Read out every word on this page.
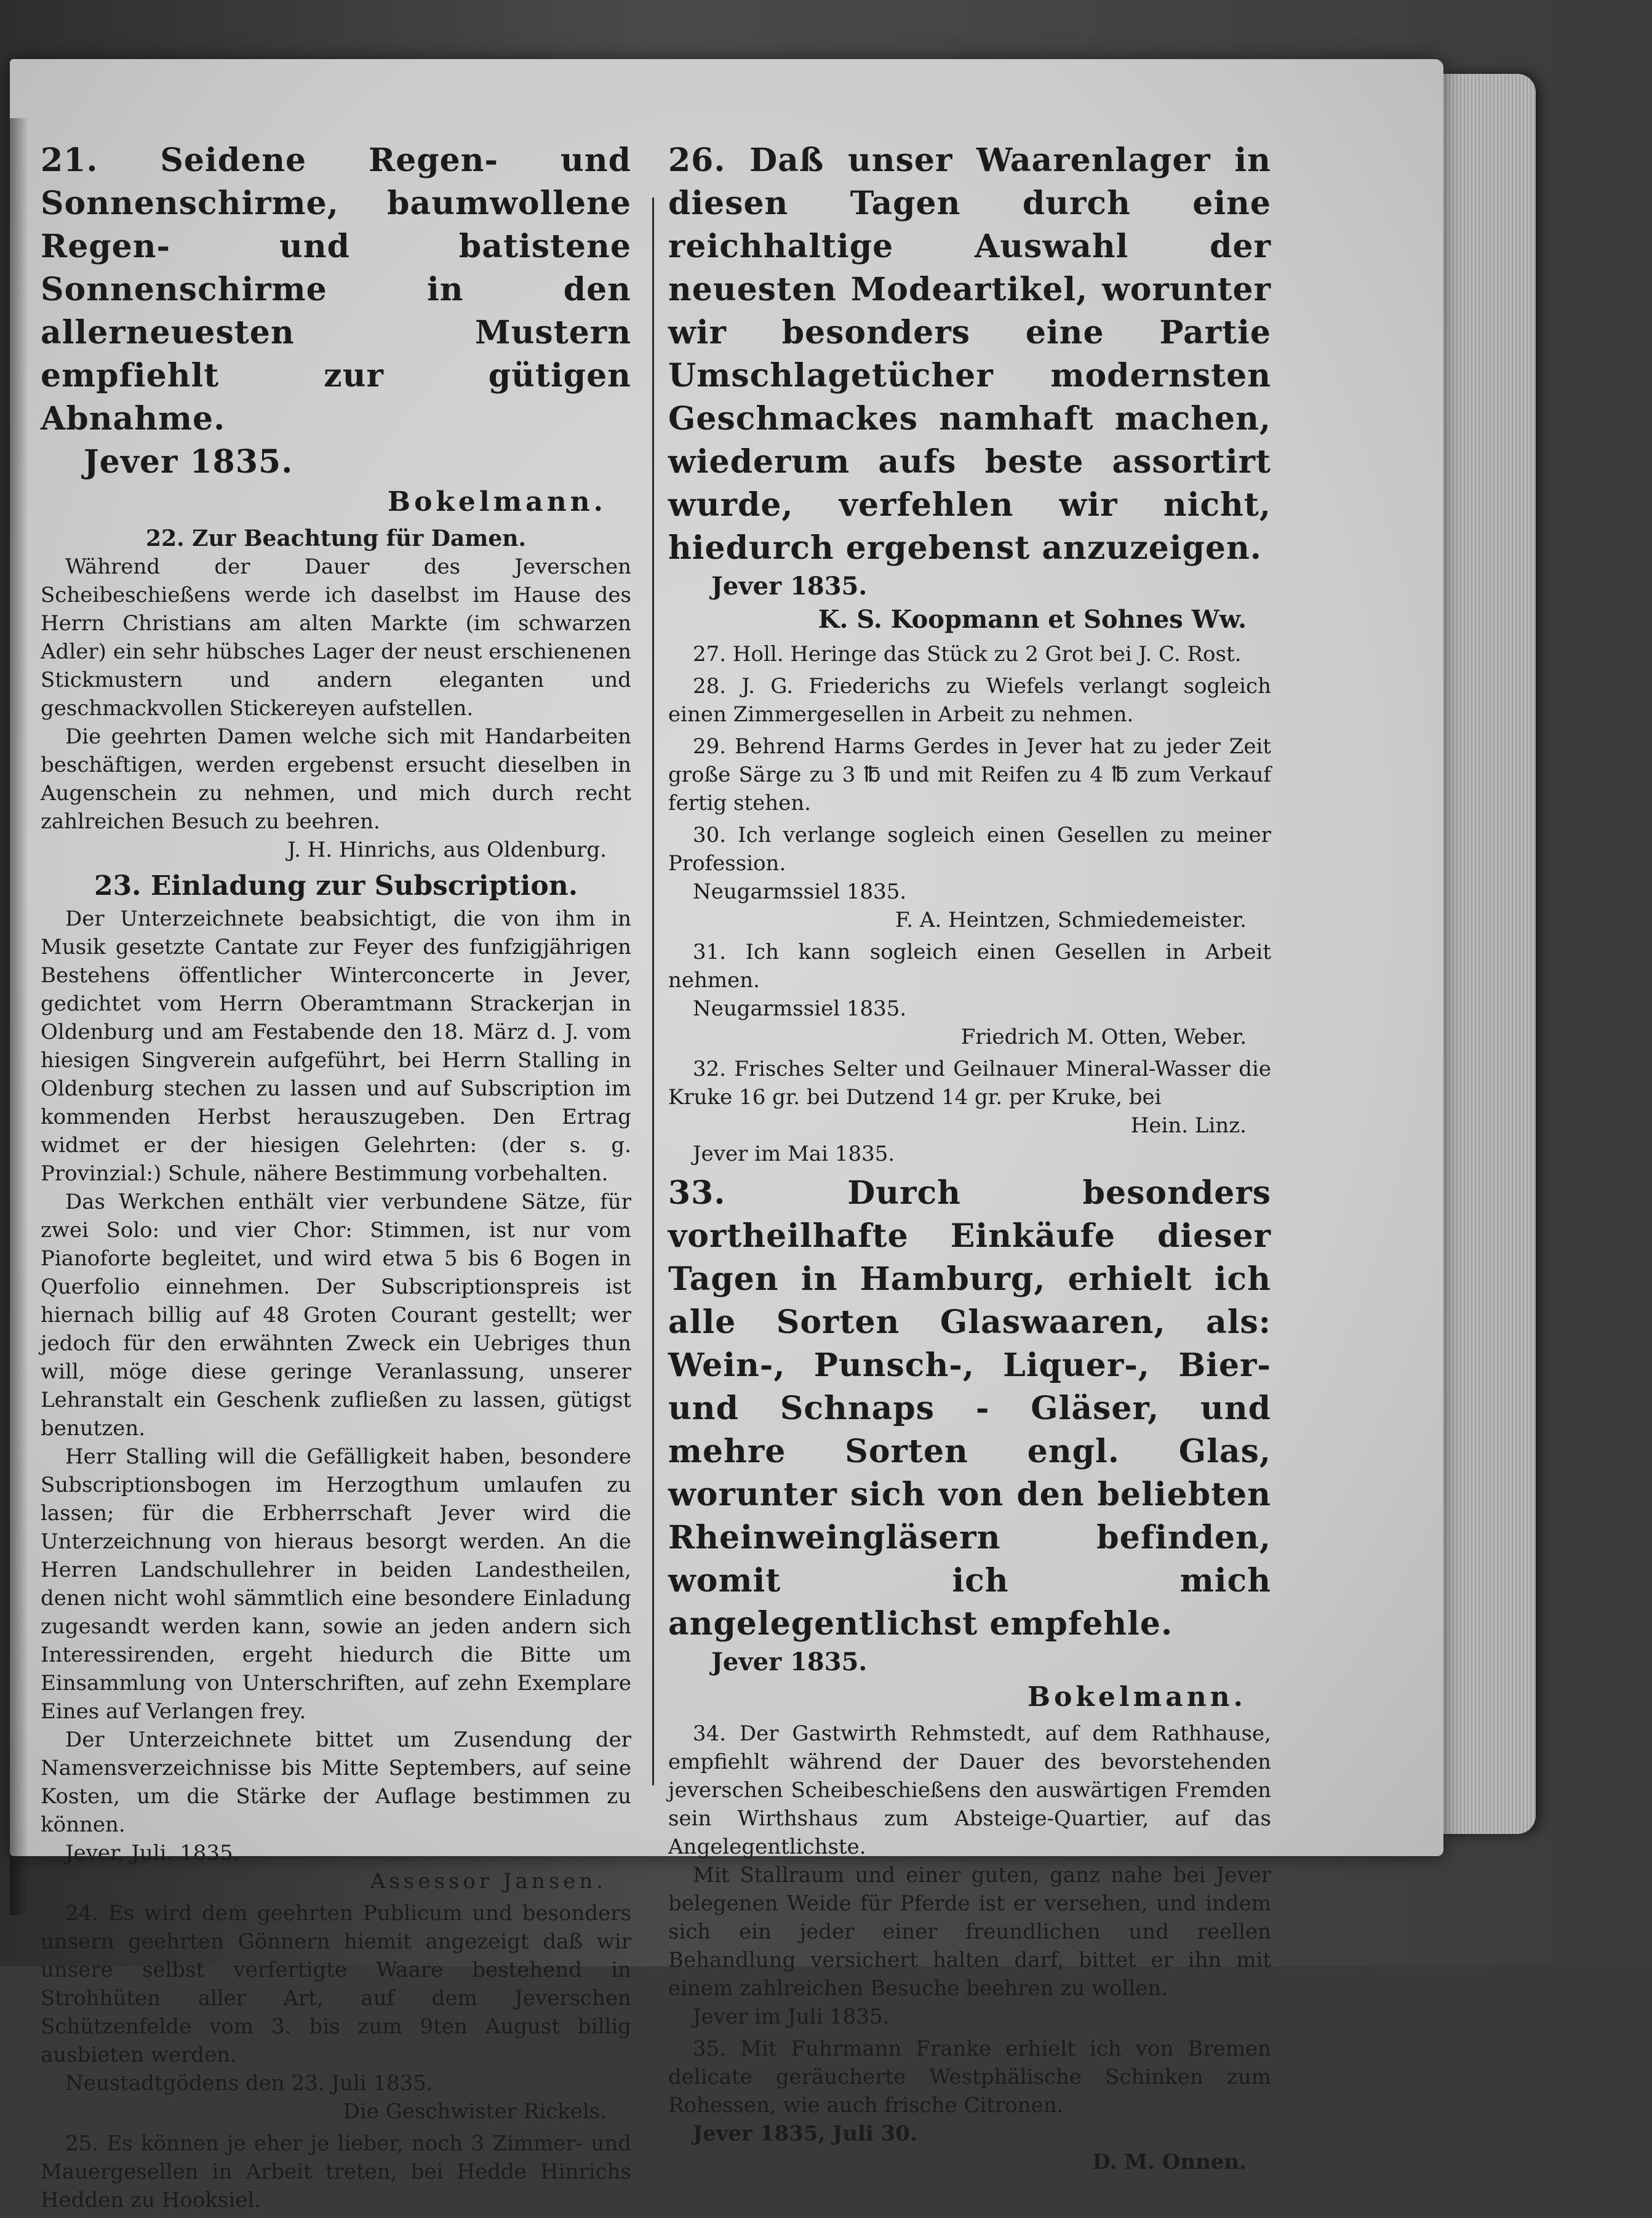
21. Seidene Regen- und Sonnenschirme, baumwollene Regen- und batistene Sonnenschirme in den allerneuesten Mustern empfiehlt zur gütigen Abnahme.

Jever 1835.

Bokelmann.

22. Zur Beachtung für Damen.

Während der Dauer des Jeverschen Scheibeschießens werde ich daselbst im Hause des Herrn Christians am alten Markte (im schwarzen Adler) ein sehr hübsches Lager der neust erschienenen Stickmustern und andern eleganten und geschmackvollen Stickereyen aufstellen.

Die geehrten Damen welche sich mit Handarbeiten beschäftigen, werden ergebenst ersucht dieselben in Augenschein zu nehmen, und mich durch recht zahlreichen Besuch zu beehren.

J. H. Hinrichs, aus Oldenburg.

23. Einladung zur Subscription.

Der Unterzeichnete beabsichtigt, die von ihm in Musik gesetzte Cantate zur Feyer des funfzigjährigen Bestehens öffentlicher Winterconcerte in Jever, gedichtet vom Herrn Oberamtmann Strackerjan in Oldenburg und am Festabende den 18. März d. J. vom hiesigen Singverein aufgeführt, bei Herrn Stalling in Oldenburg stechen zu lassen und auf Subscription im kommenden Herbst herauszugeben. Den Ertrag widmet er der hiesigen Gelehrten: (der s. g. Provinzial:) Schule, nähere Bestimmung vorbehalten.

Das Werkchen enthält vier verbundene Sätze, für zwei Solo: und vier Chor: Stimmen, ist nur vom Pianoforte begleitet, und wird etwa 5 bis 6 Bogen in Querfolio einnehmen. Der Subscriptionspreis ist hiernach billig auf 48 Groten Courant gestellt; wer jedoch für den erwähnten Zweck ein Uebriges thun will, möge diese geringe Veranlassung, unserer Lehranstalt ein Geschenk zufließen zu lassen, gütigst benutzen.

Herr Stalling will die Gefälligkeit haben, besondere Subscriptionsbogen im Herzogthum umlaufen zu lassen; für die Erbherrschaft Jever wird die Unterzeichnung von hieraus besorgt werden. An die Herren Landschullehrer in beiden Landestheilen, denen nicht wohl sämmtlich eine besondere Einladung zugesandt werden kann, sowie an jeden andern sich Interessirenden, ergeht hiedurch die Bitte um Einsammlung von Unterschriften, auf zehn Exemplare Eines auf Verlangen frey.

Der Unterzeichnete bittet um Zusendung der Namensverzeichnisse bis Mitte Septembers, auf seine Kosten, um die Stärke der Auflage bestimmen zu können.

Jever, Juli. 1835.

Assessor Jansen.

24. Es wird dem geehrten Publicum und besonders unsern geehrten Gönnern hiemit angezeigt daß wir unsere selbst verfertigte Waare bestehend in Strohhüten aller Art, auf dem Jeverschen Schützenfelde vom 3. bis zum 9ten August billig ausbieten werden.

Neustadtgödens den 23. Juli 1835.

Die Geschwister Rickels.

25. Es können je eher je lieber, noch 3 Zimmer- und Mauergesellen in Arbeit treten, bei Hedde Hinrichs Hedden zu Hooksiel.

26. Daß unser Waarenlager in diesen Tagen durch eine reichhaltige Auswahl der neuesten Modeartikel, worunter wir besonders eine Partie Umschlagetücher modernsten Geschmackes namhaft machen, wiederum aufs beste assortirt wurde, verfehlen wir nicht, hiedurch ergebenst anzuzeigen.

Jever 1835.

K. S. Koopmann et Sohnes Ww.

27. Holl. Heringe das Stück zu 2 Grot bei J. C. Rost.

28. J. G. Friederichs zu Wiefels verlangt sogleich einen Zimmergesellen in Arbeit zu nehmen.

29. Behrend Harms Gerdes in Jever hat zu jeder Zeit große Särge zu 3 ℔ und mit Reifen zu 4 ℔ zum Verkauf fertig stehen.

30. Ich verlange sogleich einen Gesellen zu meiner Profession.

Neugarmssiel 1835.

F. A. Heintzen, Schmiedemeister.

31. Ich kann sogleich einen Gesellen in Arbeit nehmen.

Neugarmssiel 1835.

Friedrich M. Otten, Weber.

32. Frisches Selter und Geilnauer Mineral-Wasser die Kruke 16 gr. bei Dutzend 14 gr. per Kruke, bei

Hein. Linz.

Jever im Mai 1835.

33. Durch besonders vortheilhafte Einkäufe dieser Tagen in Hamburg, erhielt ich alle Sorten Glaswaaren, als: Wein-, Punsch-, Liquer-, Bier- und Schnaps - Gläser, und mehre Sorten engl. Glas, worunter sich von den beliebten Rheinweingläsern befinden, womit ich mich angelegentlichst empfehle.

Jever 1835.

Bokelmann.

34. Der Gastwirth Rehmstedt, auf dem Rathhause, empfiehlt während der Dauer des bevorstehenden jeverschen Scheibeschießens den auswärtigen Fremden sein Wirthshaus zum Absteige-Quartier, auf das Angelegentlichste.

Mit Stallraum und einer guten, ganz nahe bei Jever belegenen Weide für Pferde ist er versehen, und indem sich ein jeder einer freundlichen und reellen Behandlung versichert halten darf, bittet er ihn mit einem zahlreichen Besuche beehren zu wollen.

Jever im Juli 1835.

35. Mit Fuhrmann Franke erhielt ich von Bremen delicate geräucherte Westphälische Schinken zum Rohessen, wie auch frische Citronen.

Jever 1835, Juli 30.

D. M. Onnen.
